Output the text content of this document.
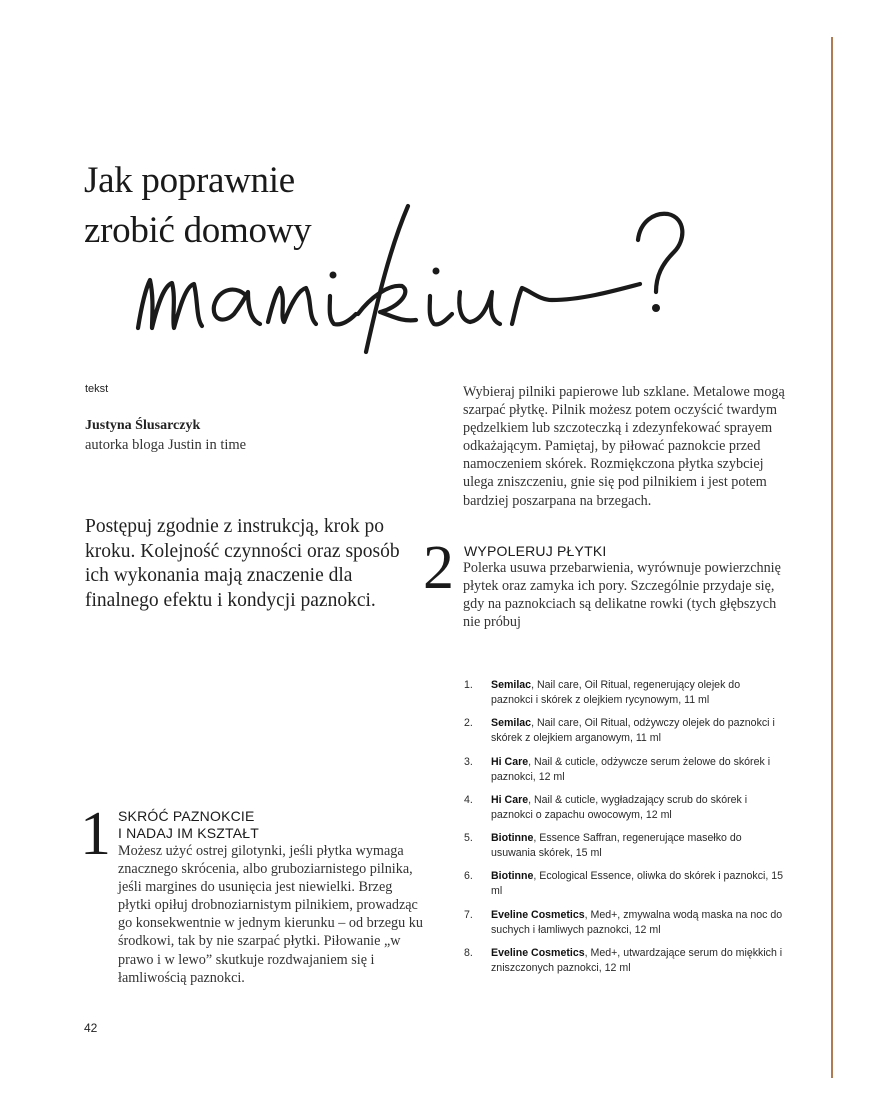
Jak poprawnie
zrobić domowy
tekst
Justyna Ślusarczyk
autorka bloga Justin in time
Postępuj zgodnie z instrukcją, krok po kroku. Kolejność czynności oraz sposób ich wykonania mają znaczenie dla finalnego efektu i kondycji paznokci.
Wybieraj pilniki papierowe lub szklane. Metalowe mogą szarpać płytkę. Pilnik możesz potem oczyścić twardym pędzelkiem lub szczoteczką i zdezynfekować sprayem odkażającym. Pamiętaj, by piłować paznokcie przed namoczeniem skórek. Rozmiękczona płytka szybciej ulega zniszczeniu, gnie się pod pilnikiem i jest potem bardziej poszarpana na brzegach.
2 WYPOLERUJ PŁYTKI
Polerka usuwa przebarwienia, wyrównuje powierzchnię płytek oraz zamyka ich pory. Szczególnie przydaje się, gdy na paznokciach są delikatne rowki (tych głębszych nie próbuj
1. Semilac, Nail care, Oil Ritual, regenerujący olejek do paznokci i skórek z olejkiem rycynowym, 11 ml
2. Semilac, Nail care, Oil Ritual, odżywczy olejek do paznokci i skórek z olejkiem arganowym, 11 ml
3. Hi Care, Nail & cuticle, odżywcze serum żelowe do skórek i paznokci, 12 ml
4. Hi Care, Nail & cuticle, wygładzający scrub do skórek i paznokci o zapachu owocowym, 12 ml
5. Biotinne, Essence Saffran, regenerujące masełko do usuwania skórek, 15 ml
6. Biotinne, Ecological Essence, oliwka do skórek i paznokci, 15 ml
7. Eveline Cosmetics, Med+, zmywalna wodą maska na noc do suchych i łamliwych paznokci, 12 ml
8. Eveline Cosmetics, Med+, utwardzające serum do miękkich i zniszczonych paznokci, 12 ml
1 SKRÓĆ PAZNOKCIE
I NADAJ IM KSZTAŁT
Możesz użyć ostrej gilotynki, jeśli płytka wymaga znacznego skrócenia, albo gruboziarnistego pilnika, jeśli margines do usunięcia jest niewielki. Brzeg płytki opiłuj drobnoziarnistym pilnikiem, prowadząc go konsekwentnie w jednym kierunku – od brzegu ku środkowi, tak by nie szarpać płytki. Piłowanie „w prawo i w lewo” skutkuje rozdwajaniem się i łamliwością paznokci.
42
